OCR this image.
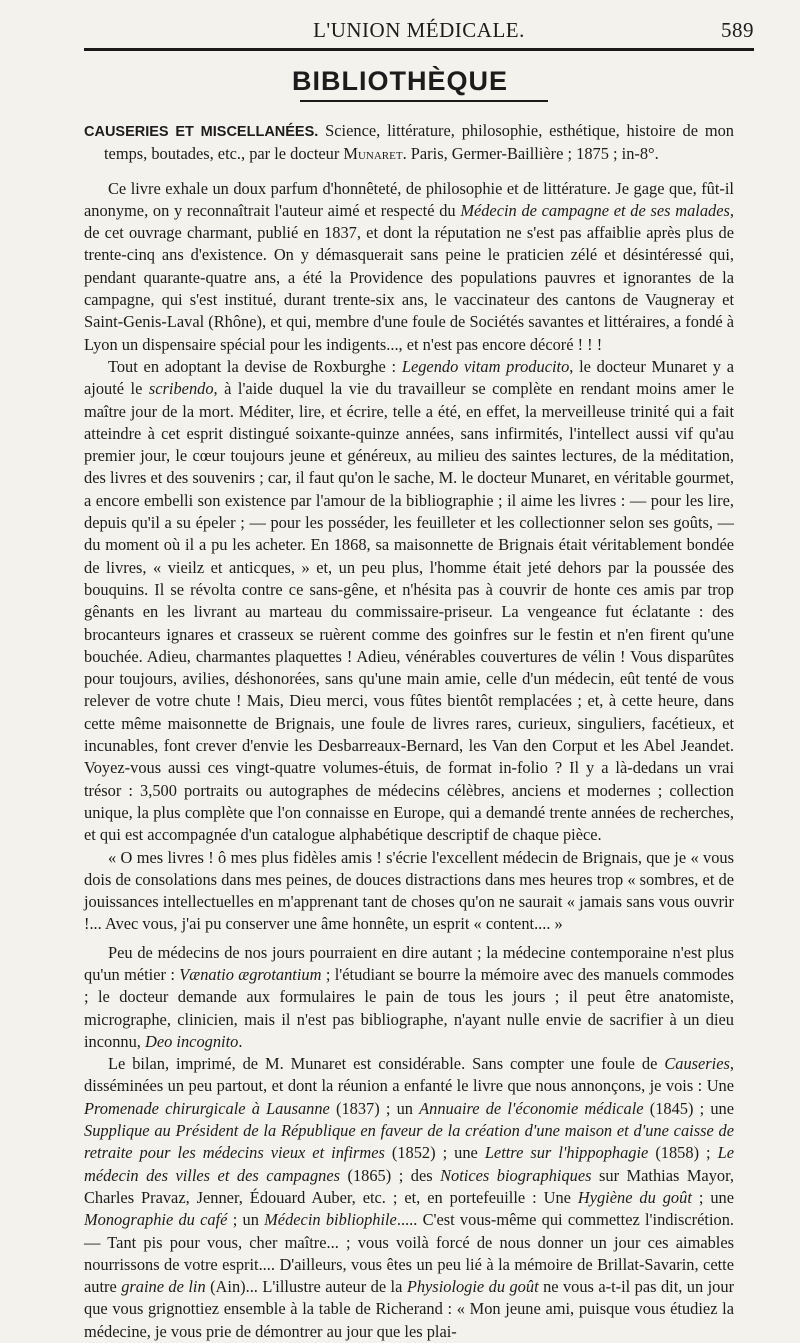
L'UNION MÉDICALE.	589
BIBLIOTHÈQUE

CAUSERIES ET MISCELLANÉES. Science, littérature, philosophie, esthétique, histoire de mon temps, boutades, etc., par le docteur Munaret. Paris, Germer-Baillière ; 1875 ; in-8°.

Ce livre exhale un doux parfum d'honnêteté, de philosophie et de littérature. Je gage que, fût-il anonyme, on y reconnaîtrait l'auteur aimé et respecté du Médecin de campagne et de ses malades, de cet ouvrage charmant, publié en 1837, et dont la réputation ne s'est pas affaiblie après plus de trente-cinq ans d'existence. On y démasquerait sans peine le praticien zélé et désintéressé qui, pendant quarante-quatre ans, a été la Providence des populations pauvres et ignorantes de la campagne, qui s'est institué, durant trente-six ans, le vaccinateur des cantons de Vaugneray et Saint-Genis-Laval (Rhône), et qui, membre d'une foule de Sociétés savantes et littéraires, a fondé à Lyon un dispensaire spécial pour les indigents..., et n'est pas encore décoré ! ! !

Tout en adoptant la devise de Roxburghe : Legendo vitam producito, le docteur Munaret y a ajouté le scribendo, à l'aide duquel la vie du travailleur se complète en rendant moins amer le maître jour de la mort. Méditer, lire, et écrire, telle a été, en effet, la merveilleuse trinité qui a fait atteindre à cet esprit distingué soixante-quinze années, sans infirmités, l'intellect aussi vif qu'au premier jour, le cœur toujours jeune et généreux, au milieu des saintes lectures, de la méditation, des livres et des souvenirs ; car, il faut qu'on le sache, M. le docteur Munaret, en véritable gourmet, a encore embelli son existence par l'amour de la bibliographie ; il aime les livres : — pour les lire, depuis qu'il a su épeler ; — pour les posséder, les feuilleter et les collectionner selon ses goûts, — du moment où il a pu les acheter. En 1868, sa maisonnette de Brignais était véritablement bondée de livres, « vieilz et anticques, » et, un peu plus, l'homme était jeté dehors par la poussée des bouquins. Il se révolta contre ce sans-gêne, et n'hésita pas à couvrir de honte ces amis par trop gênants en les livrant au marteau du commissaire-priseur. La vengeance fut éclatante : des brocanteurs ignares et crasseux se ruèrent comme des goinfres sur le festin et n'en firent qu'une bouchée. Adieu, charmantes plaquettes ! Adieu, vénérables couvertures de vélin ! Vous disparûtes pour toujours, avilies, déshonorées, sans qu'une main amie, celle d'un médecin, eût tenté de vous relever de votre chute ! Mais, Dieu merci, vous fûtes bientôt remplacées ; et, à cette heure, dans cette même maisonnette de Brignais, une foule de livres rares, curieux, singuliers, facétieux, et incunables, font crever d'envie les Desbarreaux-Bernard, les Van den Corput et les Abel Jeandet. Voyez-vous aussi ces vingt-quatre volumes-étuis, de format in-folio ? Il y a là-dedans un vrai trésor : 3,500 portraits ou autographes de médecins célèbres, anciens et modernes ; collection unique, la plus complète que l'on connaisse en Europe, qui a demandé trente années de recherches, et qui est accompagnée d'un catalogue alphabétique descriptif de chaque pièce.

« O mes livres ! ô mes plus fidèles amis ! s'écrie l'excellent médecin de Brignais, que je « vous dois de consolations dans mes peines, de douces distractions dans mes heures trop « sombres, et de jouissances intellectuelles en m'apprenant tant de choses qu'on ne saurait « jamais sans vous ouvrir !... Avec vous, j'ai pu conserver une âme honnête, un esprit « content.... »

Peu de médecins de nos jours pourraient en dire autant ; la médecine contemporaine n'est plus qu'un métier : Vænatio ægrotantium ; l'étudiant se bourre la mémoire avec des manuels commodes ; le docteur demande aux formulaires le pain de tous les jours ; il peut être anatomiste, micrographe, clinicien, mais il n'est pas bibliographe, n'ayant nulle envie de sacrifier à un dieu inconnu, Deo incognito.

Le bilan, imprimé, de M. Munaret est considérable. Sans compter une foule de Causeries, disséminées un peu partout, et dont la réunion a enfanté le livre que nous annonçons, je vois : Une Promenade chirurgicale à Lausanne (1837) ; un Annuaire de l'économie médicale (1845) ; une Supplique au Président de la République en faveur de la création d'une maison et d'une caisse de retraite pour les médecins vieux et infirmes (1852) ; une Lettre sur l'hippophagie (1858) ; Le médecin des villes et des campagnes (1865) ; des Notices biographiques sur Mathias Mayor, Charles Pravaz, Jenner, Édouard Auber, etc. ; et, en portefeuille : Une Hygiène du goût ; une Monographie du café ; un Médecin bibliophile..... C'est vous-même qui commettez l'indiscrétion. — Tant pis pour vous, cher maître... ; vous voilà forcé de nous donner un jour ces aimables nourrissons de votre esprit.... D'ailleurs, vous êtes un peu lié à la mémoire de Brillat-Savarin, cette autre graine de lin (Ain)... L'illustre auteur de la Physiologie du goût ne vous a-t-il pas dit, un jour que vous grignottiez ensemble à la table de Richerand : « Mon jeune ami, puisque vous étudiez la médecine, je vous prie de démontrer au jour que les plai-
